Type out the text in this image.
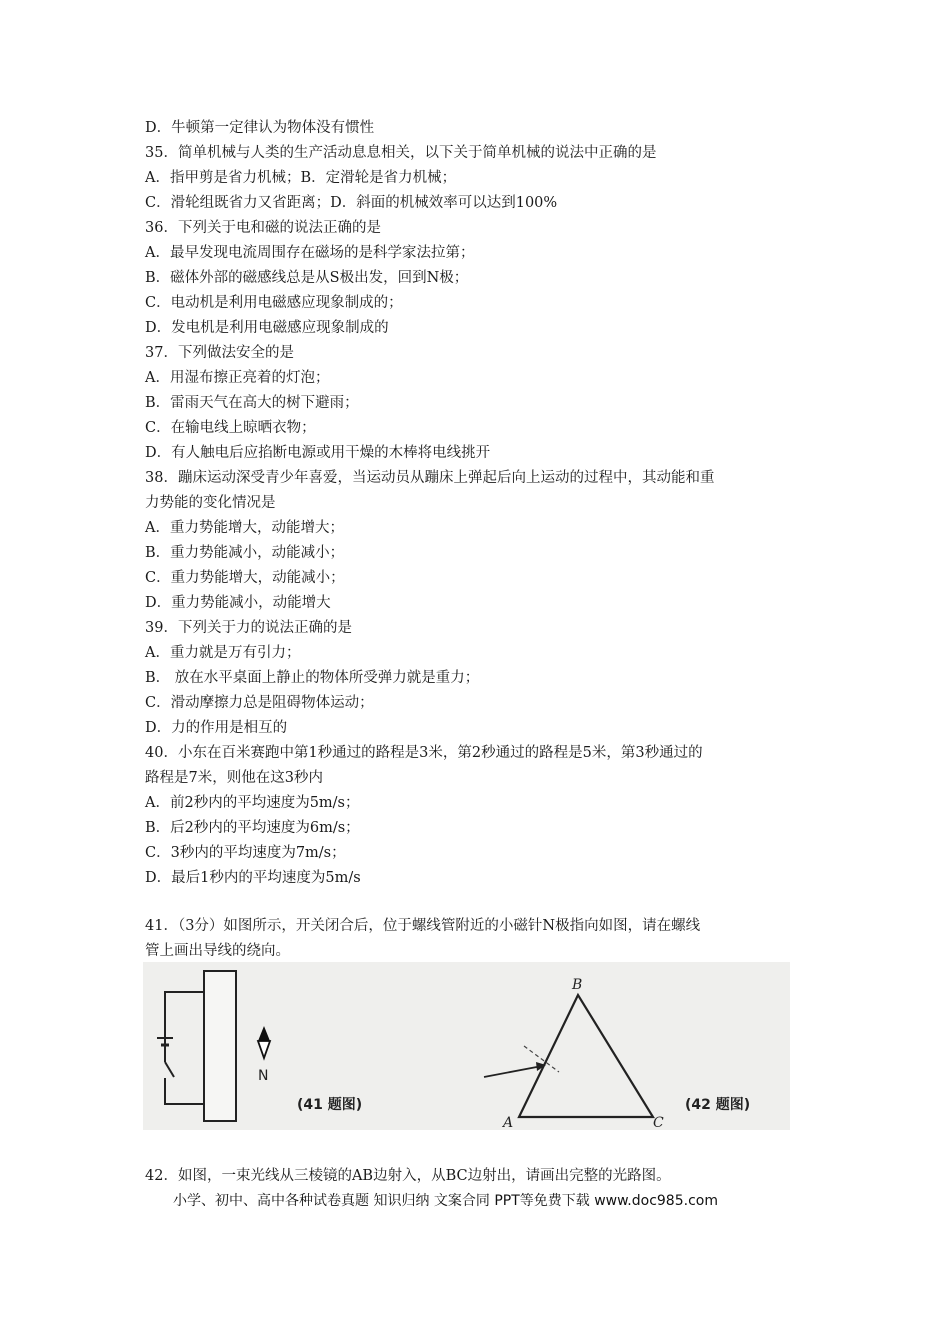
D．牛顿第一定律认为物体没有惯性
35．简单机械与人类的生产活动息息相关，以下关于简单机械的说法中正确的是
A．指甲剪是省力机械；B．定滑轮是省力机械；
C．滑轮组既省力又省距离；D．斜面的机械效率可以达到100%
36．下列关于电和磁的说法正确的是
A．最早发现电流周围存在磁场的是科学家法拉第；
B．磁体外部的磁感线总是从S极出发，回到N极；
C．电动机是利用电磁感应现象制成的；
D．发电机是利用电磁感应现象制成的
37．下列做法安全的是
A．用湿布擦正亮着的灯泡；
B．雷雨天气在高大的树下避雨；
C．在输电线上晾晒衣物；
D．有人触电后应掐断电源或用干燥的木棒将电线挑开
38．蹦床运动深受青少年喜爱，当运动员从蹦床上弹起后向上运动的过程中，其动能和重
力势能的变化情况是
A．重力势能增大，动能增大；
B．重力势能减小，动能减小；
C．重力势能增大，动能减小；
D．重力势能减小，动能增大
39．下列关于力的说法正确的是
A．重力就是万有引力；
B． 放在水平桌面上静止的物体所受弹力就是重力；
C．滑动摩擦力总是阻碍物体运动；
D．力的作用是相互的
40．小东在百米赛跑中第1秒通过的路程是3米，第2秒通过的路程是5米，第3秒通过的
路程是7米，则他在这3秒内
A．前2秒内的平均速度为5m/s；
B．后2秒内的平均速度为6m/s；
C．3秒内的平均速度为7m/s；
D．最后1秒内的平均速度为5m/s
41．（3分）如图所示，开关闭合后，位于螺线管附近的小磁针N极指向如图，请在螺线
管上画出导线的绕向。
N
(41 题图)
B
A	C
(42 题图)
42．如图，一束光线从三棱镜的AB边射入，从BC边射出，请画出完整的光路图。
小学、初中、高中各种试卷真题 知识归纳 文案合同 PPT等免费下载 www.doc985.com
